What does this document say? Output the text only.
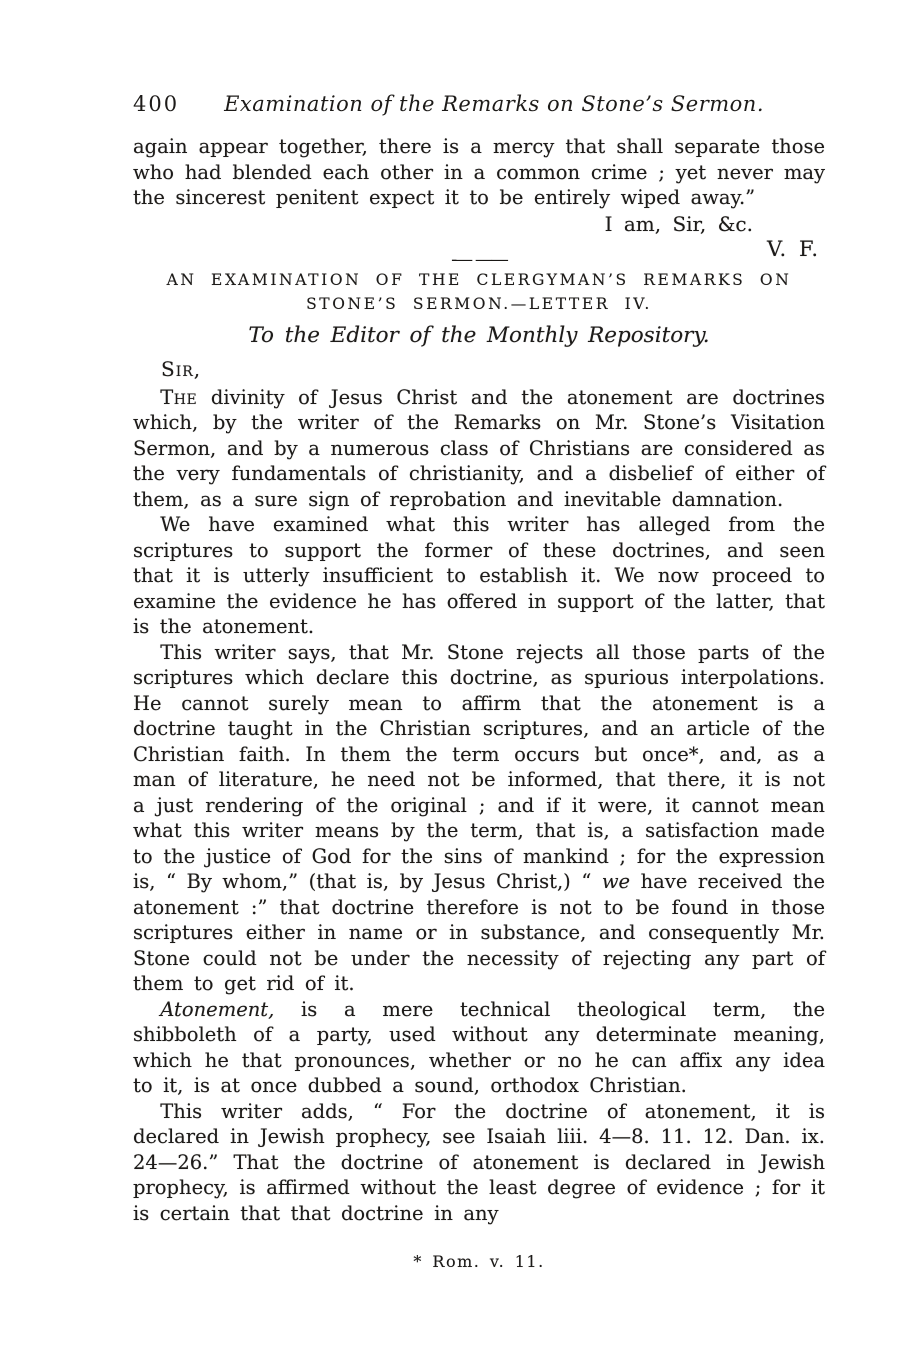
400	Examination of the Remarks on Stone’s Sermon.

again appear together, there is a mercy that shall separate those who had blended each other in a common crime ; yet never may the sincerest penitent expect it to be entirely wiped away.”

I am, Sir, &c.
-— ——	V. F.
AN EXAMINATION OF THE CLERGYMAN’S REMARKS ON
STONE’S SERMON.—LETTER IV.
To the Editor of the Monthly Repository.
Sir,

The divinity of Jesus Christ and the atonement are doctrines which, by the writer of the Remarks on Mr. Stone’s Visitation Sermon, and by a numerous class of Christians are considered as the very fundamentals of christianity, and a disbelief of either of them, as a sure sign of reprobation and inevitable damnation.

We have examined what this writer has alleged from the scriptures to support the former of these doctrines, and seen that it is utterly insufficient to establish it. We now proceed to examine the evidence he has offered in support of the latter, that is the atonement.

This writer says, that Mr. Stone rejects all those parts of the scriptures which declare this doctrine, as spurious interpolations. He cannot surely mean to affirm that the atonement is a doctrine taught in the Christian scriptures, and an article of the Christian faith. In them the term occurs but once*, and, as a man of literature, he need not be informed, that there, it is not a just rendering of the original ; and if it were, it cannot mean what this writer means by the term, that is, a satisfaction made to the justice of God for the sins of mankind ; for the expression is, “ By whom,” (that is, by Jesus Christ,) “ we have received the atonement :” that doctrine therefore is not to be found in those scriptures either in name or in substance, and consequently Mr. Stone could not be under the necessity of rejecting any part of them to get rid of it.

Atonement, is a mere technical theological term, the shibboleth of a party, used without any determinate meaning, which he that pronounces, whether or no he can affix any idea to it, is at once dubbed a sound, orthodox Christian.

This writer adds, “ For the doctrine of atonement, it is declared in Jewish prophecy, see Isaiah liii. 4—8. 11. 12. Dan. ix. 24—26.” That the doctrine of atonement is declared in Jewish prophecy, is affirmed without the least degree of evidence ; for it is certain that that doctrine in any

* Rom. v. 11.
